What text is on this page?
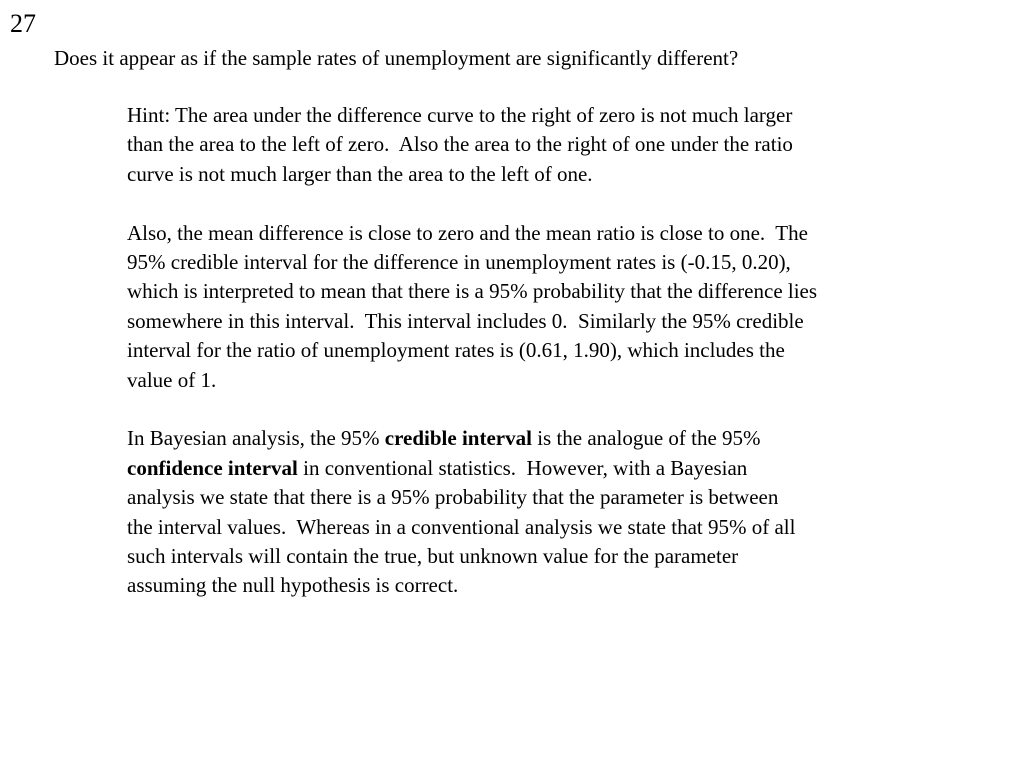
27
Does it appear as if the sample rates of unemployment are significantly different?
Hint: The area under the difference curve to the right of zero is not much larger
than the area to the left of zero.  Also the area to the right of one under the ratio
curve is not much larger than the area to the left of one.
Also, the mean difference is close to zero and the mean ratio is close to one.  The
95% credible interval for the difference in unemployment rates is (-0.15, 0.20),
which is interpreted to mean that there is a 95% probability that the difference lies
somewhere in this interval.  This interval includes 0.  Similarly the 95% credible
interval for the ratio of unemployment rates is (0.61, 1.90), which includes the
value of 1.
In Bayesian analysis, the 95% credible interval is the analogue of the 95%
confidence interval in conventional statistics.  However, with a Bayesian
analysis we state that there is a 95% probability that the parameter is between
the interval values.  Whereas in a conventional analysis we state that 95% of all
such intervals will contain the true, but unknown value for the parameter
assuming the null hypothesis is correct.
